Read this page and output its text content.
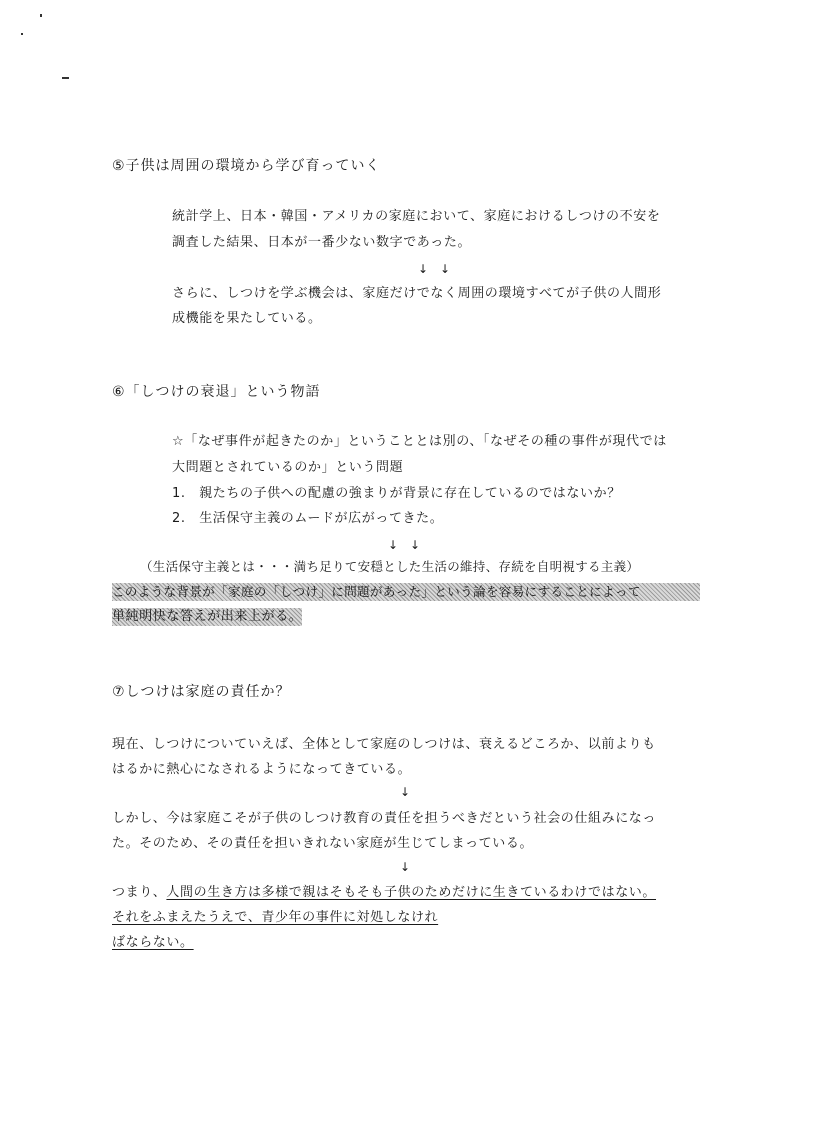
⑤子供は周囲の環境から学び育っていく
統計学上、日本・韓国・アメリカの家庭において、家庭におけるしつけの不安を
調査した結果、日本が一番少ない数字であった。
↓　↓
さらに、しつけを学ぶ機会は、家庭だけでなく周囲の環境すべてが子供の人間形
成機能を果たしている。
⑥「しつけの衰退」という物語
☆「なぜ事件が起きたのか」ということとは別の、「なぜその種の事件が現代では
大問題とされているのか」という問題
1.　親たちの子供への配慮の強まりが背景に存在しているのではないか？
2.　生活保守主義のムードが広がってきた。
↓　↓
（生活保守主義とは・・・満ち足りて安穏とした生活の維持、存続を自明視する主義）
このような背景が「家庭の「しつけ」に問題があった」という論を容易にすることによって
単純明快な答えが出来上がる。
⑦しつけは家庭の責任か？
現在、しつけについていえば、全体として家庭のしつけは、衰えるどころか、以前よりも
はるかに熱心になされるようになってきている。
↓
しかし、今は家庭こそが子供のしつけ教育の責任を担うべきだという社会の仕組みになっ
た。そのため、その責任を担いきれない家庭が生じてしまっている。
↓
つまり、人間の生き方は多様で親はそもそも子供のためだけに生きているわけではない。
それをふまえたうえで、青少年の事件に対処しなけれ
ばならない。
